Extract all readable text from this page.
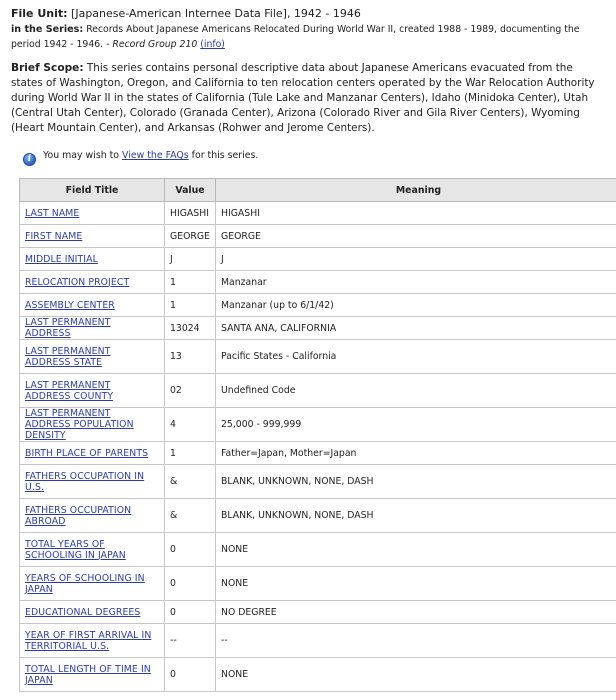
File Unit: [Japanese-American Internee Data File], 1942 - 1946
in the Series: Records About Japanese Americans Relocated During World War II, created 1988 - 1989, documenting the period 1942 - 1946. - Record Group 210 (info)
Brief Scope: This series contains personal descriptive data about Japanese Americans evacuated from the states of Washington, Oregon, and California to ten relocation centers operated by the War Relocation Authority during World War II in the states of California (Tule Lake and Manzanar Centers), Idaho (Minidoka Center), Utah (Central Utah Center), Colorado (Granada Center), Arizona (Colorado River and Gila River Centers), Wyoming (Heart Mountain Center), and Arkansas (Rohwer and Jerome Centers).
i	You may wish to
View the FAQs
for this series.
Field Title	Value	Meaning
LAST NAME	HIGASHI	HIGASHI
FIRST NAME	GEORGE	GEORGE
MIDDLE INITIAL	J	J
RELOCATION PROJECT	1	Manzanar
ASSEMBLY CENTER	1	Manzanar (up to 6/1/42)
LAST PERMANENT ADDRESS	13024	SANTA ANA, CALIFORNIA
LAST PERMANENT ADDRESS STATE	13	Pacific States - California
LAST PERMANENT ADDRESS COUNTY	02	Undefined Code
LAST PERMANENT ADDRESS POPULATION DENSITY	4	25,000 - 999,999
BIRTH PLACE OF PARENTS	1	Father=Japan, Mother=Japan
FATHERS OCCUPATION IN U.S.	&	BLANK, UNKNOWN, NONE, DASH
FATHERS OCCUPATION ABROAD	&	BLANK, UNKNOWN, NONE, DASH
TOTAL YEARS OF SCHOOLING IN JAPAN	0	NONE
YEARS OF SCHOOLING IN JAPAN	0	NONE
EDUCATIONAL DEGREES	0	NO DEGREE
YEAR OF FIRST ARRIVAL IN TERRITORIAL U.S.	--	--
TOTAL LENGTH OF TIME IN JAPAN	0	NONE
